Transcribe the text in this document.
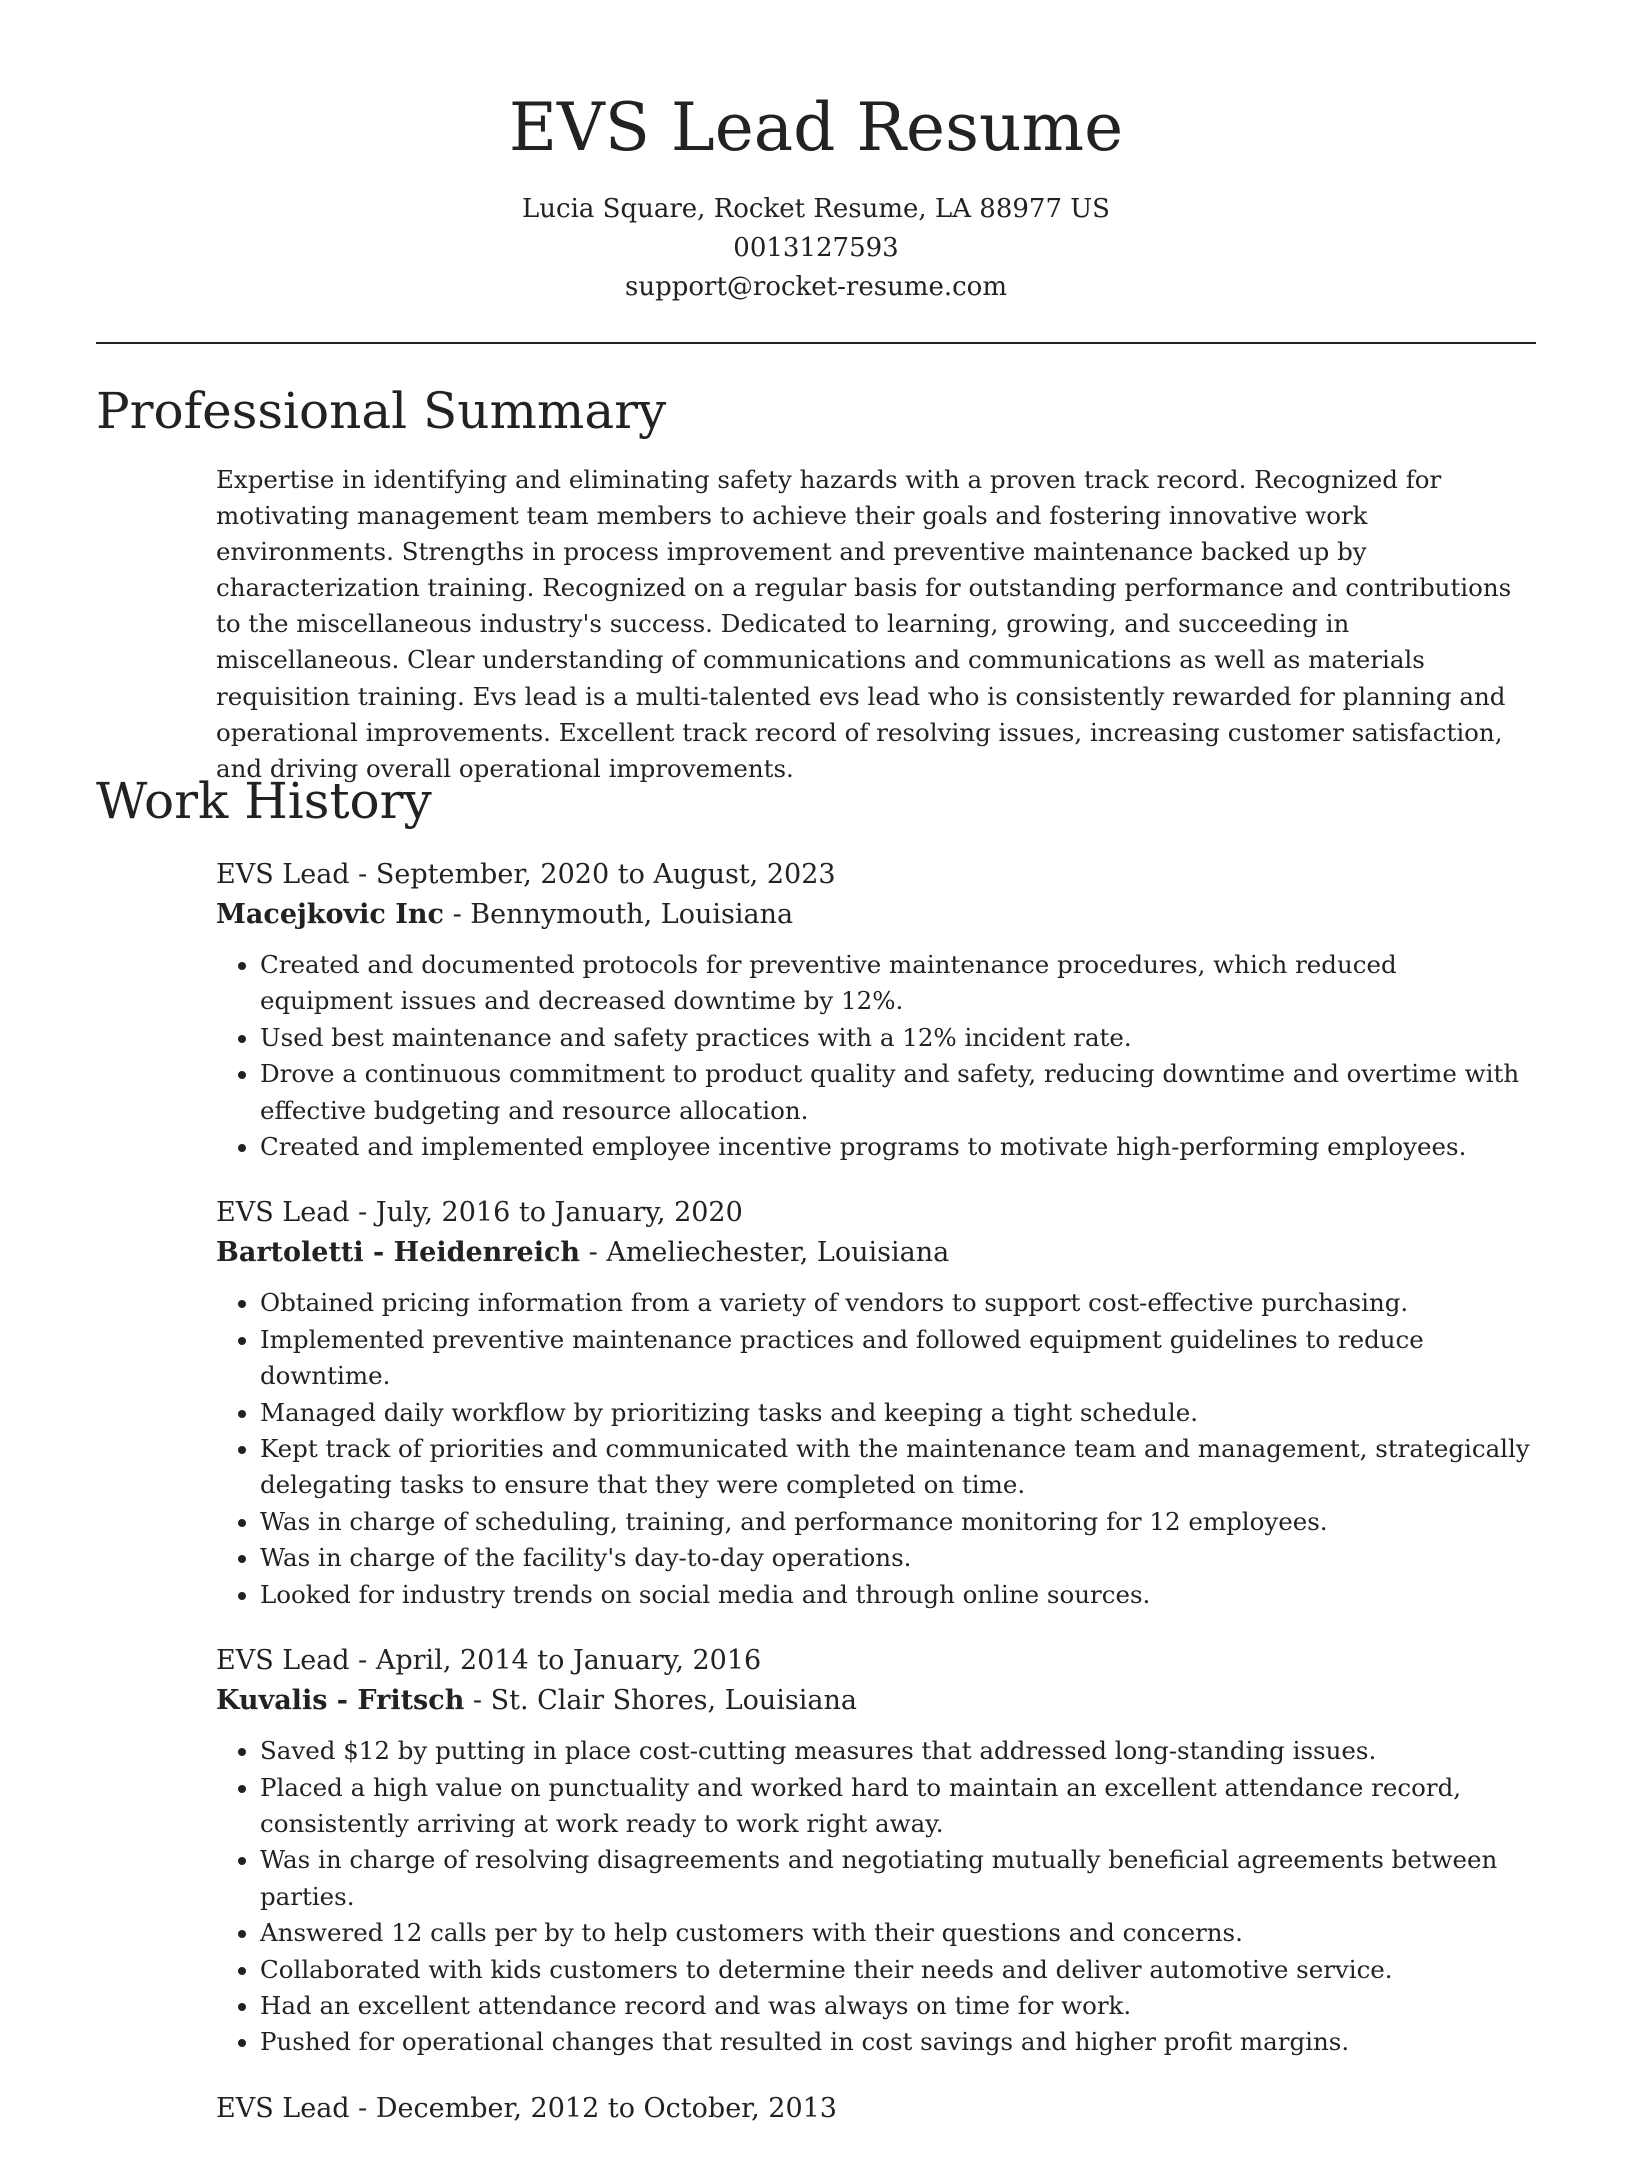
EVS Lead Resume
Lucia Square, Rocket Resume, LA 88977 US
0013127593
support@rocket-resume.com
Professional Summary

Expertise in identifying and eliminating safety hazards with a proven track record. Recognized for motivating management team members to achieve their goals and fostering innovative work environments. Strengths in process improvement and preventive maintenance backed up by characterization training. Recognized on a regular basis for outstanding performance and contributions to the miscellaneous industry's success. Dedicated to learning, growing, and succeeding in miscellaneous. Clear understanding of communications and communications as well as materials requisition training. Evs lead is a multi-talented evs lead who is consistently rewarded for planning and operational improvements. Excellent track record of resolving issues, increasing customer satisfaction, and driving overall operational improvements.

Work History
EVS Lead - September, 2020 to August, 2023
Macejkovic Inc - Bennymouth, Louisiana
• Created and documented protocols for preventive maintenance procedures, which reduced equipment issues and decreased downtime by 12%.
• Used best maintenance and safety practices with a 12% incident rate.
• Drove a continuous commitment to product quality and safety, reducing downtime and overtime with effective budgeting and resource allocation.
• Created and implemented employee incentive programs to motivate high-performing employees.
EVS Lead - July, 2016 to January, 2020
Bartoletti - Heidenreich - Ameliechester, Louisiana
• Obtained pricing information from a variety of vendors to support cost-effective purchasing.
• Implemented preventive maintenance practices and followed equipment guidelines to reduce downtime.
• Managed daily workflow by prioritizing tasks and keeping a tight schedule.
• Kept track of priorities and communicated with the maintenance team and management, strategically delegating tasks to ensure that they were completed on time.
• Was in charge of scheduling, training, and performance monitoring for 12 employees.
• Was in charge of the facility's day-to-day operations.
• Looked for industry trends on social media and through online sources.
EVS Lead - April, 2014 to January, 2016
Kuvalis - Fritsch - St. Clair Shores, Louisiana
• Saved $12 by putting in place cost-cutting measures that addressed long-standing issues.
• Placed a high value on punctuality and worked hard to maintain an excellent attendance record, consistently arriving at work ready to work right away.
• Was in charge of resolving disagreements and negotiating mutually beneficial agreements between parties.
• Answered 12 calls per by to help customers with their questions and concerns.
• Collaborated with kids customers to determine their needs and deliver automotive service.
• Had an excellent attendance record and was always on time for work.
• Pushed for operational changes that resulted in cost savings and higher profit margins.
EVS Lead - December, 2012 to October, 2013
